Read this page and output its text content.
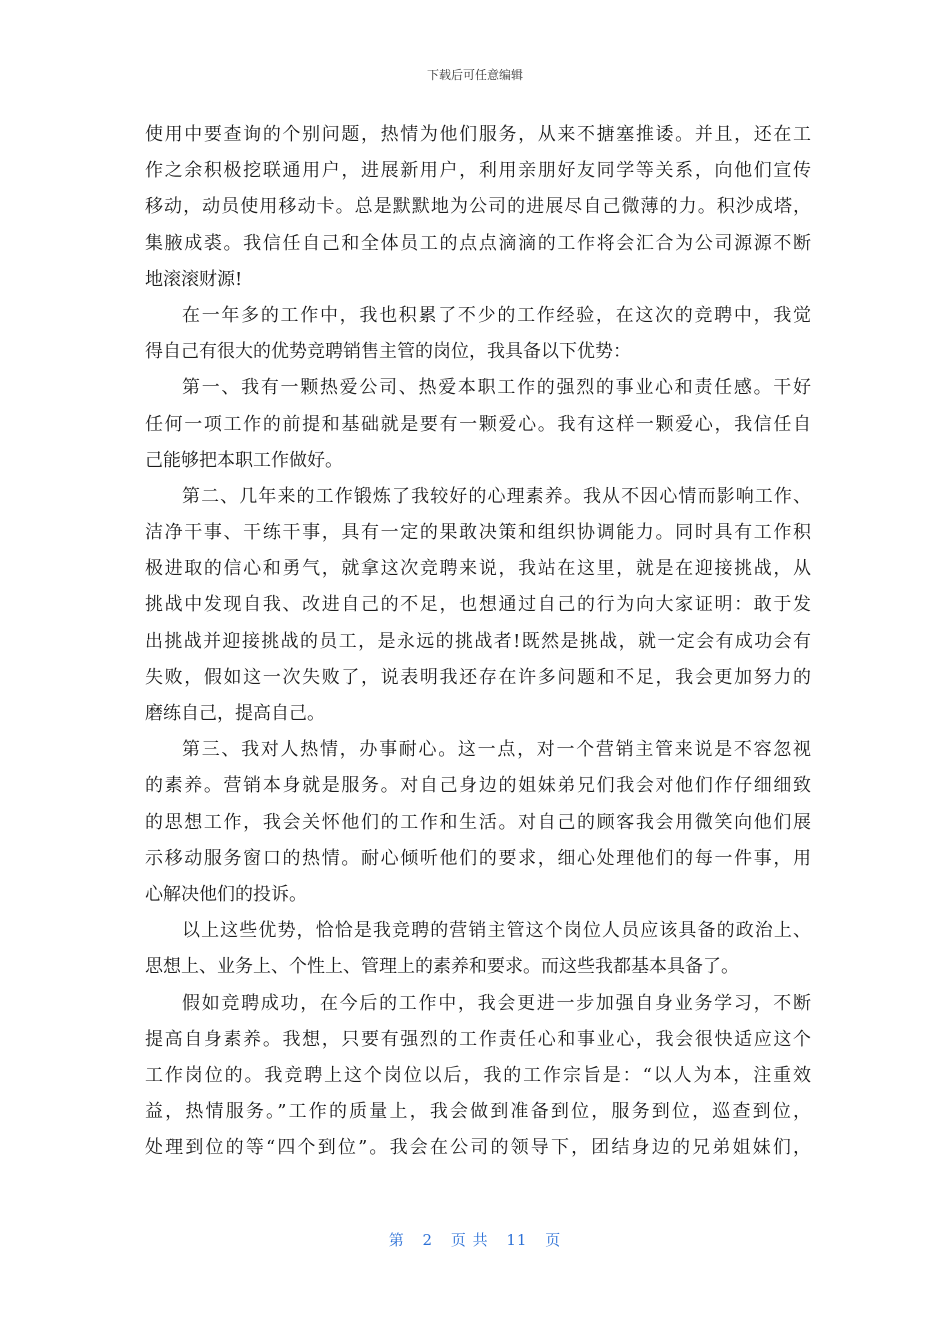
下载后可任意编辑
使用中要查询的个别问题，热情为他们服务，从来不搪塞推诿。并且，还在工
作之余积极挖联通用户，进展新用户，利用亲朋好友同学等关系，向他们宣传
移动，动员使用移动卡。总是默默地为公司的进展尽自己微薄的力。积沙成塔，
集腋成裘。我信任自己和全体员工的点点滴滴的工作将会汇合为公司源源不断
地滚滚财源!
在一年多的工作中，我也积累了不少的工作经验，在这次的竞聘中，我觉
得自己有很大的优势竞聘销售主管的岗位，我具备以下优势：
第一、我有一颗热爱公司、热爱本职工作的强烈的事业心和责任感。干好
任何一项工作的前提和基础就是要有一颗爱心。我有这样一颗爱心，我信任自
己能够把本职工作做好。
第二、几年来的工作锻炼了我较好的心理素养。我从不因心情而影响工作、
洁净干事、干练干事，具有一定的果敢决策和组织协调能力。同时具有工作积
极进取的信心和勇气，就拿这次竞聘来说，我站在这里，就是在迎接挑战，从
挑战中发现自我、改进自己的不足，也想通过自己的行为向大家证明：敢于发
出挑战并迎接挑战的员工，是永远的挑战者!既然是挑战，就一定会有成功会有
失败，假如这一次失败了，说表明我还存在许多问题和不足，我会更加努力的
磨练自己，提高自己。
第三、我对人热情，办事耐心。这一点，对一个营销主管来说是不容忽视
的素养。营销本身就是服务。对自己身边的姐妹弟兄们我会对他们作仔细细致
的思想工作，我会关怀他们的工作和生活。对自己的顾客我会用微笑向他们展
示移动服务窗口的热情。耐心倾听他们的要求，细心处理他们的每一件事，用
心解决他们的投诉。
以上这些优势，恰恰是我竞聘的营销主管这个岗位人员应该具备的政治上、
思想上、业务上、个性上、管理上的素养和要求。而这些我都基本具备了。
假如竞聘成功，在今后的工作中，我会更进一步加强自身业务学习，不断
提高自身素养。我想，只要有强烈的工作责任心和事业心，我会很快适应这个
工作岗位的。我竞聘上这个岗位以后，我的工作宗旨是：“以人为本，注重效
益，热情服务。”工作的质量上，我会做到准备到位，服务到位，巡查到位，
处理到位的等“四个到位”。我会在公司的领导下，团结身边的兄弟姐妹们，
第 2 页 共 11 页
